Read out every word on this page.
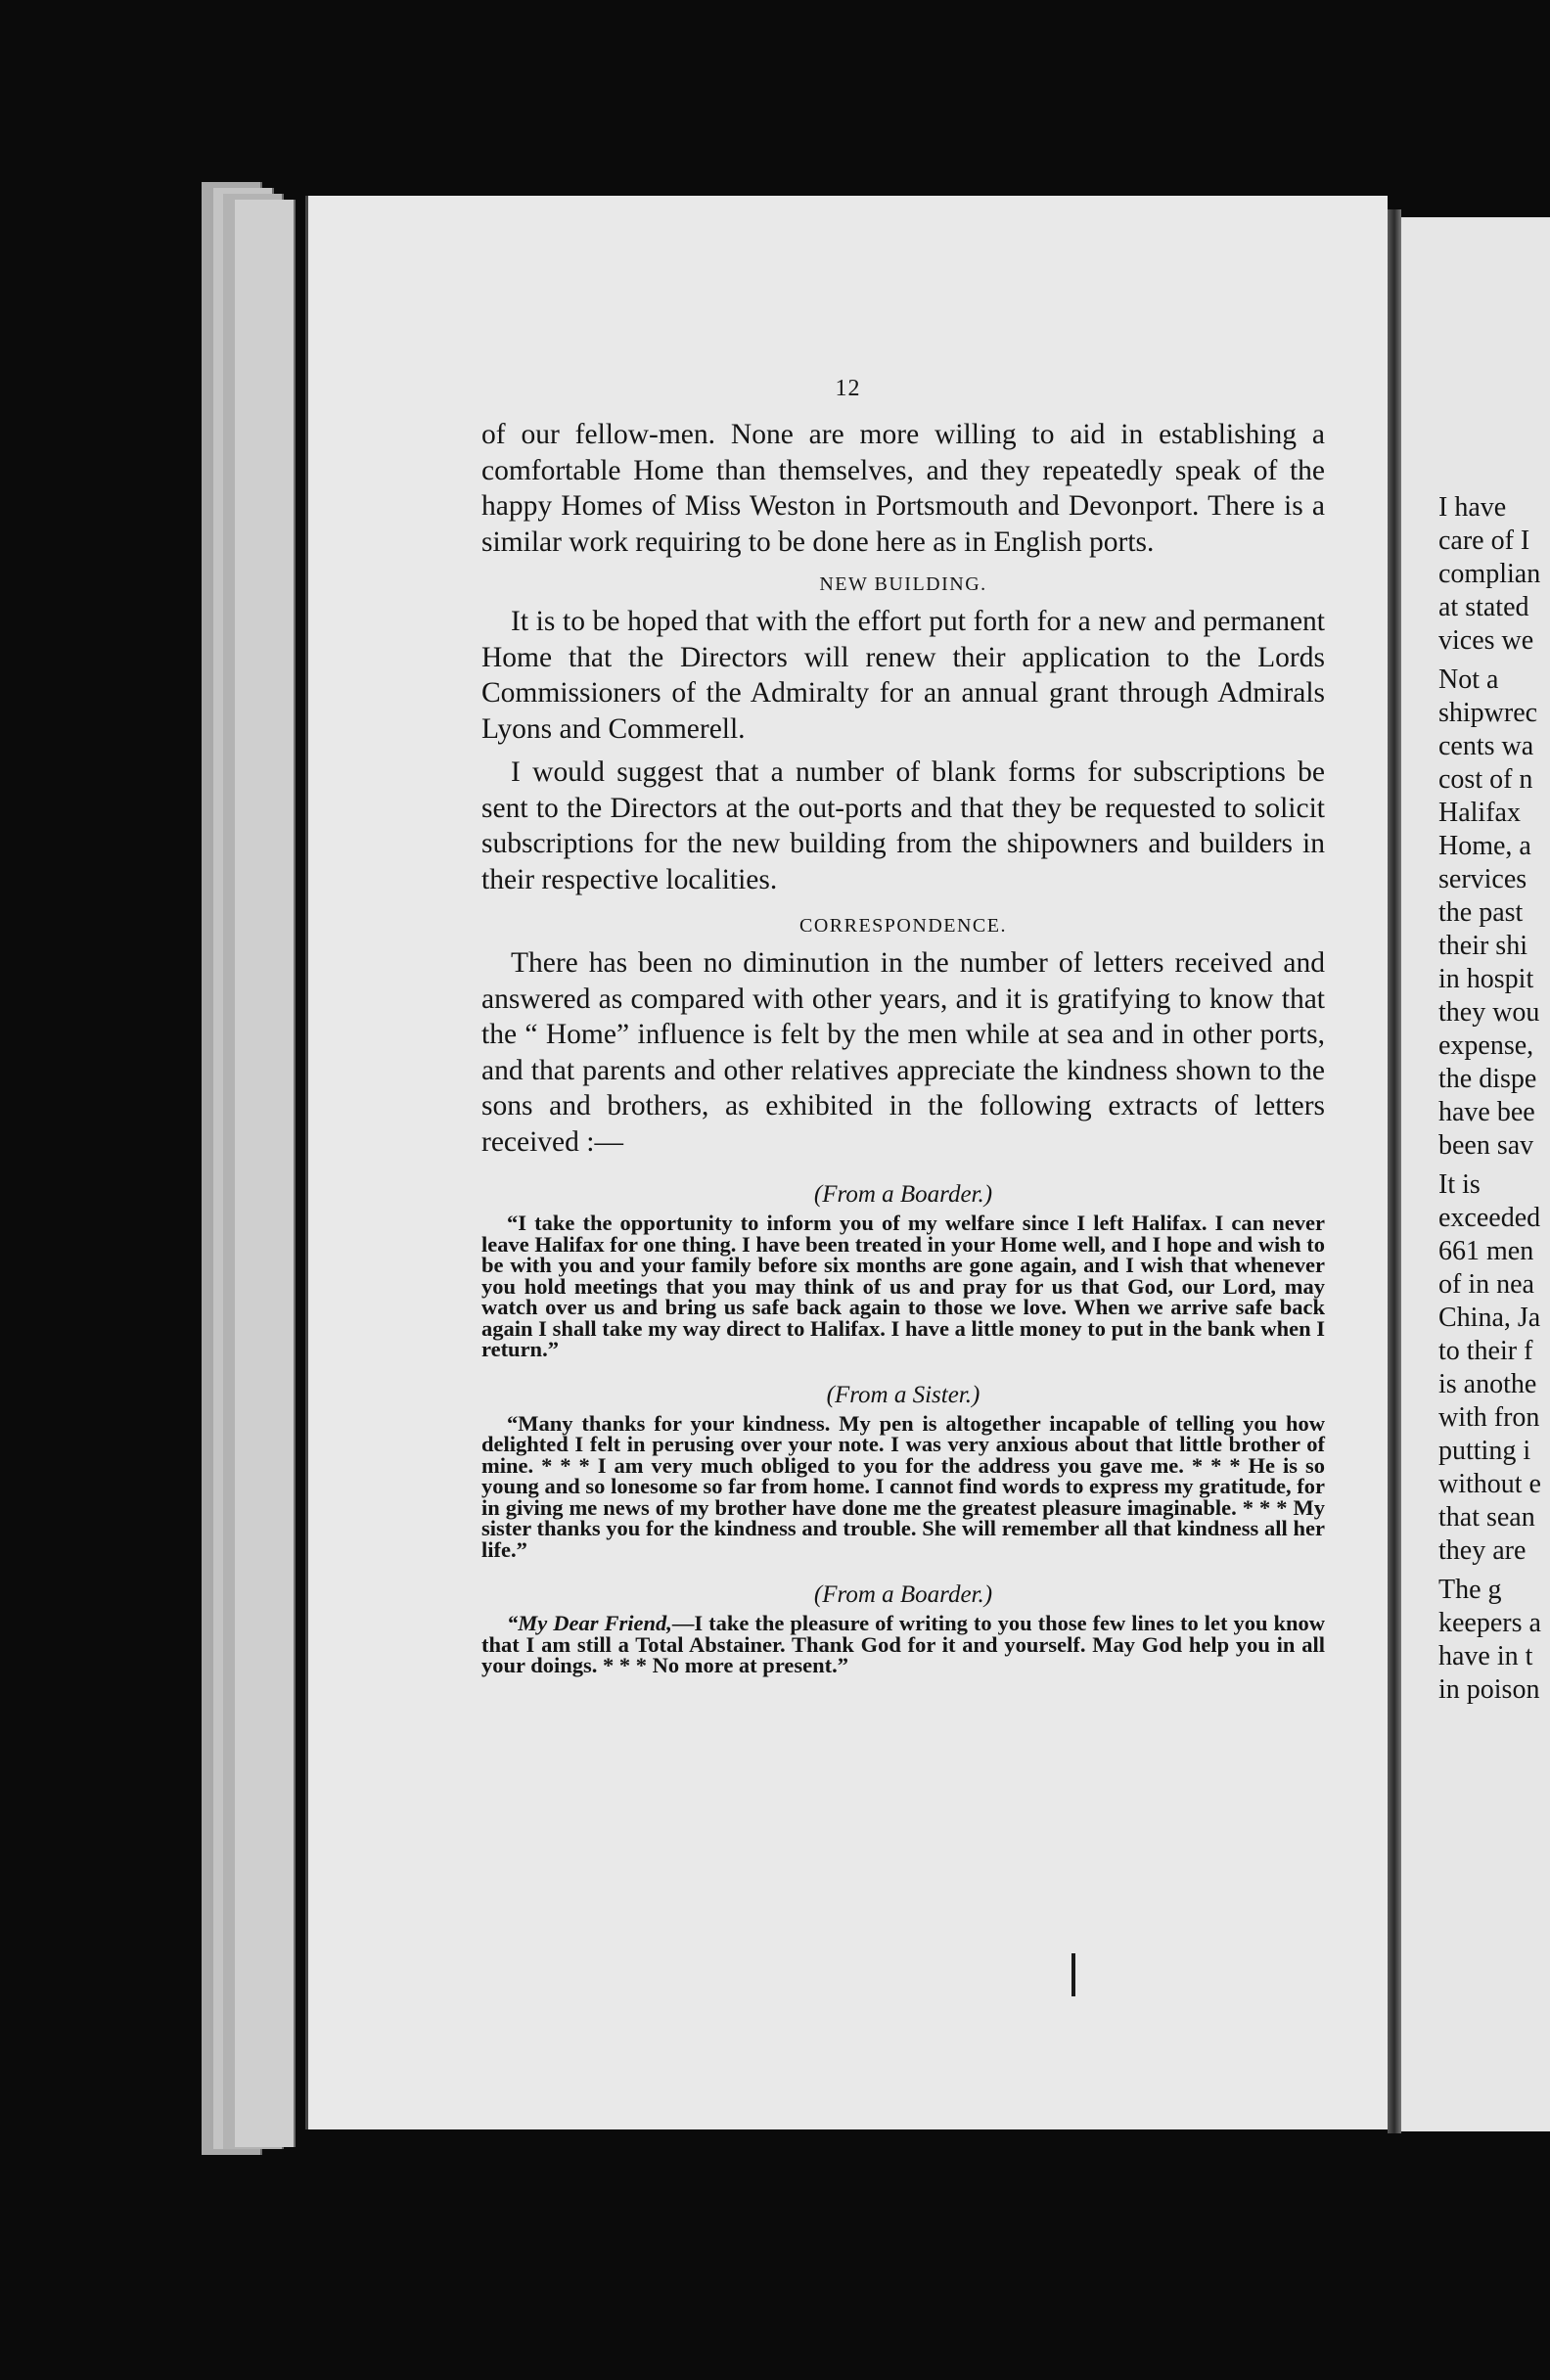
12

of our fellow-men. None are more willing to aid in establishing a comfortable Home than themselves, and they repeatedly speak of the happy Homes of Miss Weston in Portsmouth and Devonport. There is a similar work requiring to be done here as in English ports.

NEW BUILDING.

It is to be hoped that with the effort put forth for a new and permanent Home that the Directors will renew their application to the Lords Commissioners of the Admiralty for an annual grant through Admirals Lyons and Commerell.

I would suggest that a number of blank forms for subscriptions be sent to the Directors at the out-ports and that they be requested to solicit subscriptions for the new building from the shipowners and builders in their respective localities.

CORRESPONDENCE.

There has been no diminution in the number of letters received and answered as compared with other years, and it is gratifying to know that the “ Home” influence is felt by the men while at sea and in other ports, and that parents and other relatives appreciate the kindness shown to the sons and brothers, as exhibited in the following extracts of letters received :—

(From a Boarder.)

“I take the opportunity to inform you of my welfare since I left Halifax. I can never leave Halifax for one thing. I have been treated in your Home well, and I hope and wish to be with you and your family before six months are gone again, and I wish that whenever you hold meetings that you may think of us and pray for us that God, our Lord, may watch over us and bring us safe back again to those we love. When we arrive safe back again I shall take my way direct to Halifax. I have a little money to put in the bank when I return.”

(From a Sister.)

“Many thanks for your kindness. My pen is altogether incapable of telling you how delighted I felt in perusing over your note. I was very anxious about that little brother of mine. * * * I am very much obliged to you for the address you gave me. * * * He is so young and so lonesome so far from home. I cannot find words to express my gratitude, for in giving me news of my brother have done me the greatest pleasure imaginable. * * * My sister thanks you for the kindness and trouble. She will remember all that kindness all her life.”

(From a Boarder.)

“My Dear Friend,—I take the pleasure of writing to you those few lines to let you know that I am still a Total Abstainer. Thank God for it and yourself. May God help you in all your doings. * * * No more at present.”

I have
care of I
complian
at stated
vices we
Not a
shipwrec
cents wa
cost of n
Halifax
Home, a
services
the past
their shi
in hospit
they wou
expense,
the dispe
have bee
been sav
It is
exceeded
661 men
of in nea
China, Ja
to their f
is anothe
with fron
putting i
without e
that sean
they are
The g
keepers a
have in t
in poison
